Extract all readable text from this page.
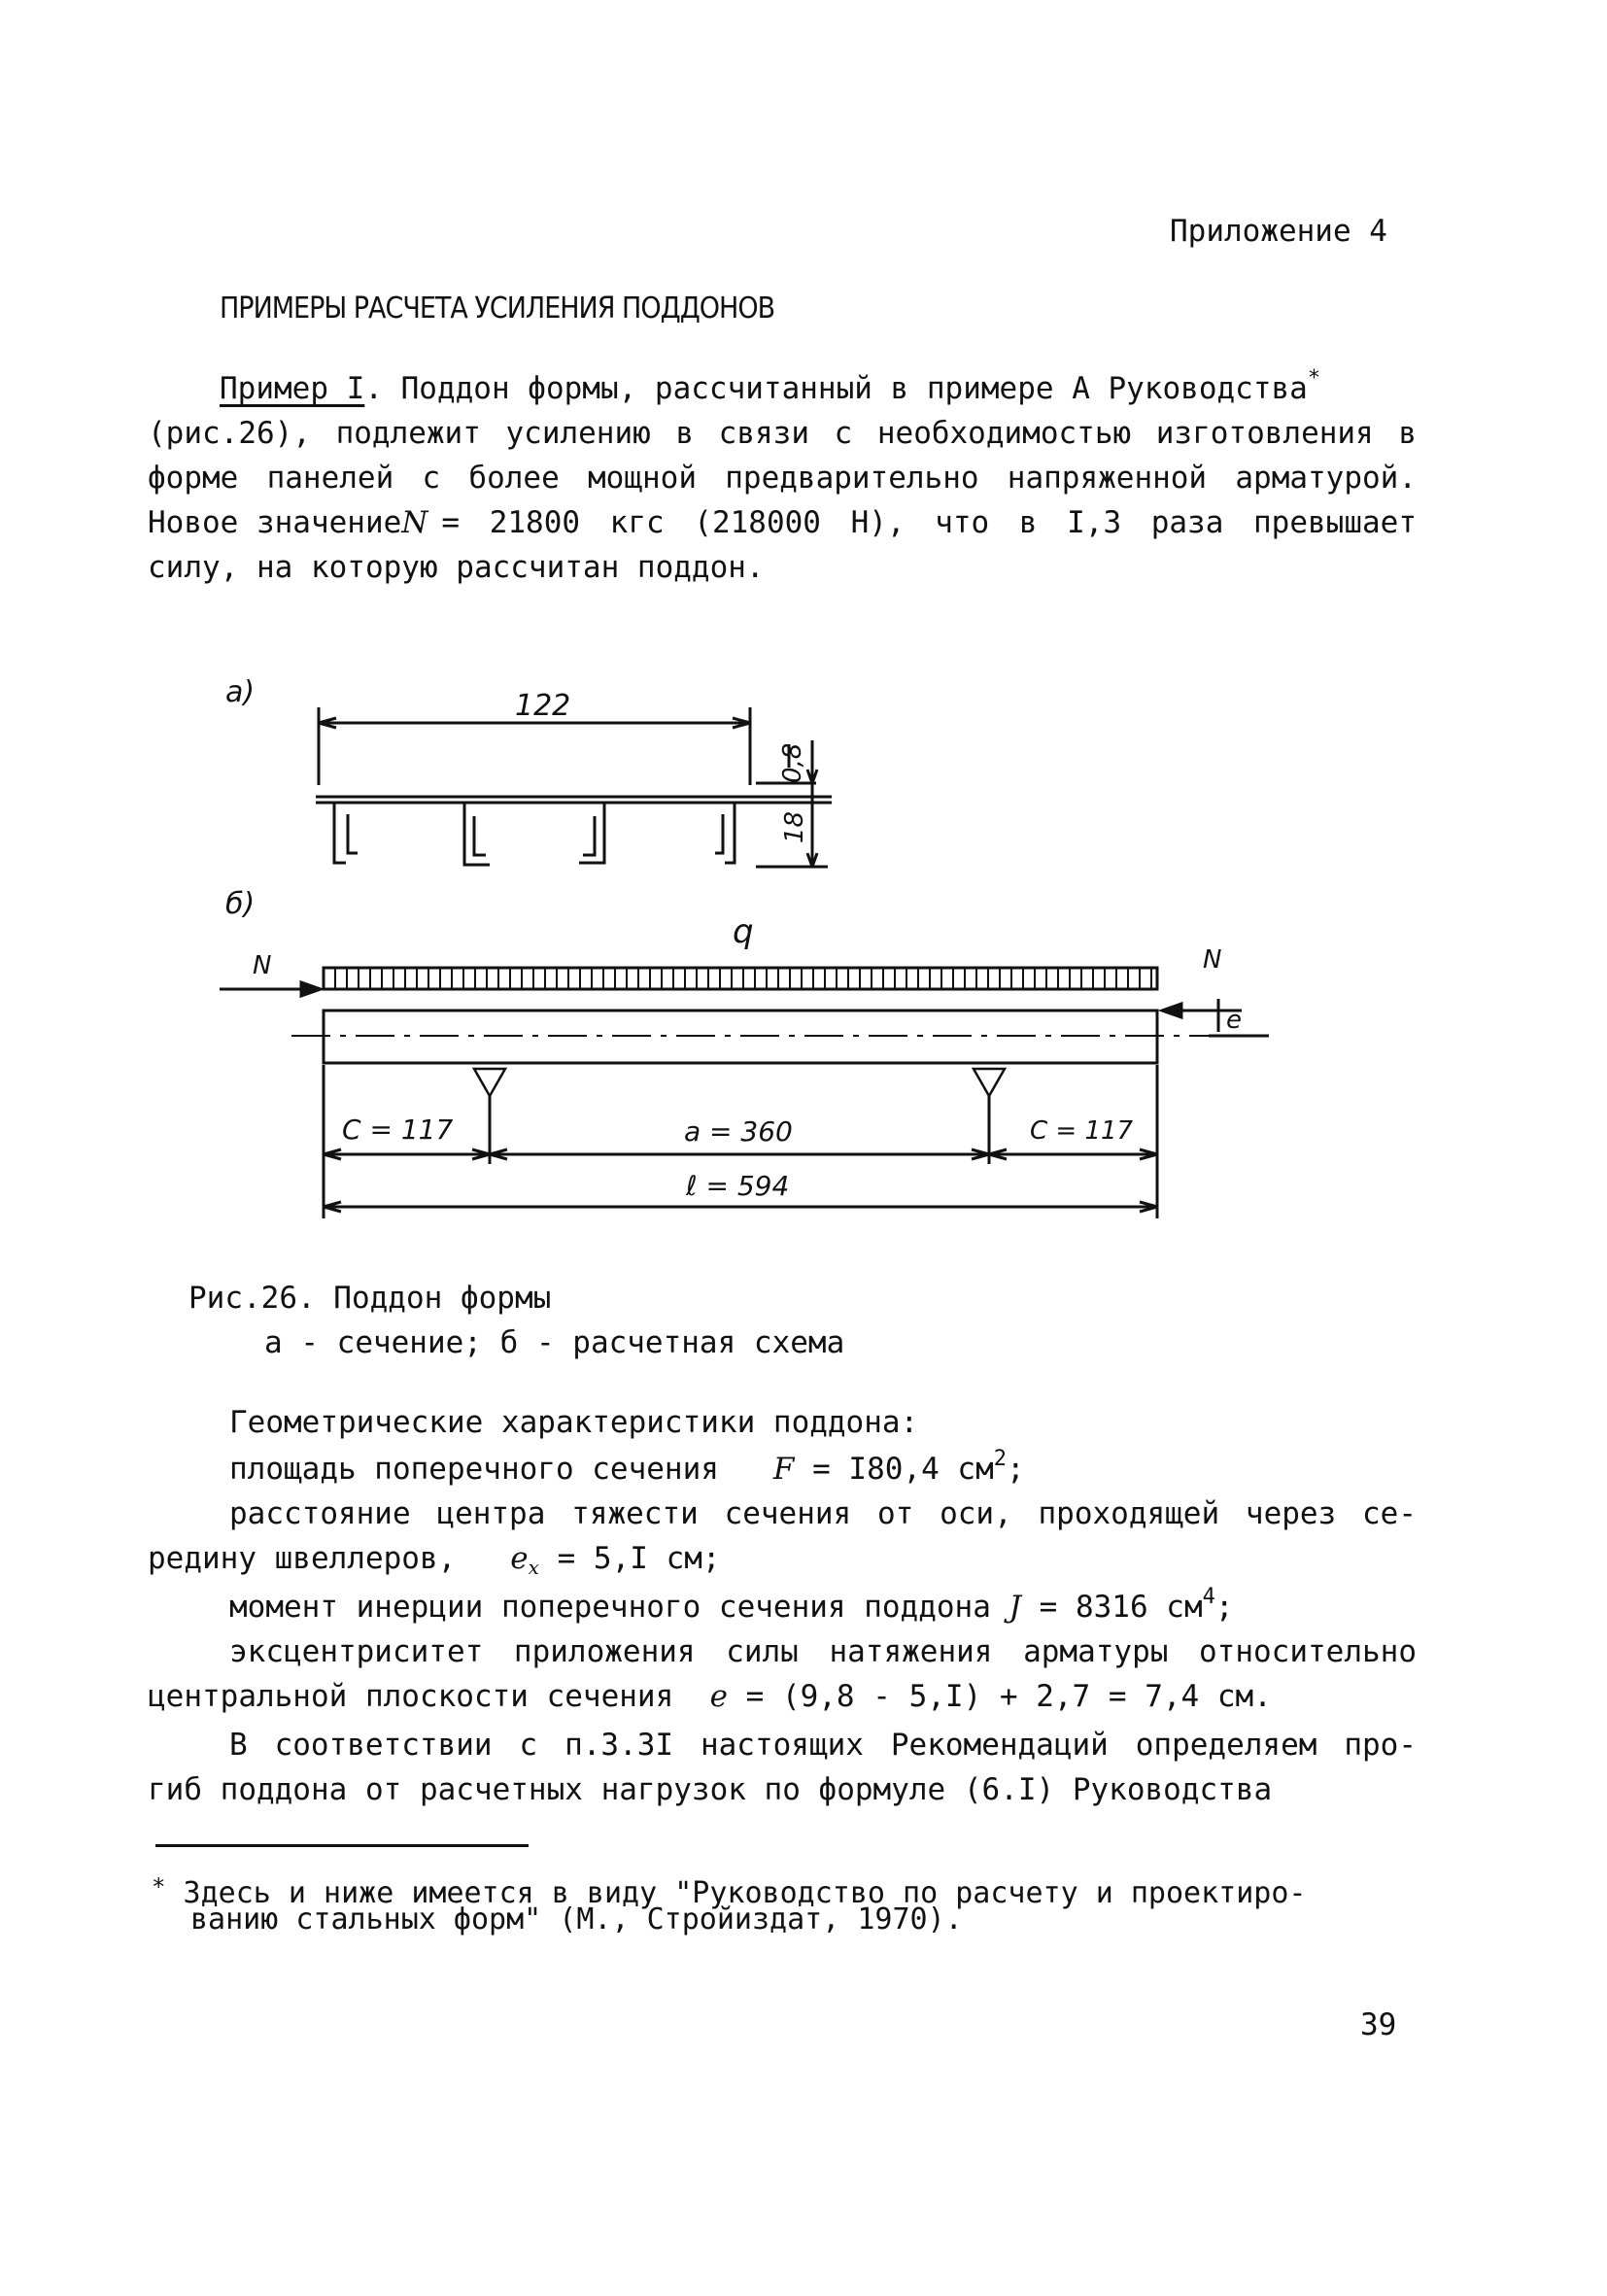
Приложение 4
ПРИМЕРЫ РАСЧЕТА УСИЛЕНИЯ ПОДДОНОВ
Пример I. Поддон формы, рассчитанный в примере А Руководства*
(рис.26), подлежит усилению в связи с необходимостью изготовления в
форме панелей с более мощной предварительно напряженной арматурой.
Новое значение N = 21800 кгс (218000 Н), что в I,3 раза превышает
силу, на которую рассчитан поддон.
а)	122
0,8
18
б)
q
N	N
e
C = 117	a = 360	C = 117
ℓ = 594
Рис.26. Поддон формы
а - сечение; б - расчетная схема
Геометрические характеристики поддона:
площадь поперечного сечения F = I80,4 $см^2$;
расстояние центра тяжести сечения от оси, проходящей через се-
редину швеллеров, $e_x = 5,I$ см;
момент инерции поперечного сечения поддона J = 8316 $см^4$;
эксцентриситет приложения силы натяжения арматуры относительно
центральной плоскости сечения e = (9,8 - 5,I) + 2,7 = 7,4 см.
В соответствии с п.3.3I настоящих Рекомендаций определяем про-
гиб поддона от расчетных нагрузок по формуле (6.I) Руководства
* Здесь и ниже имеется в виду "Руководство по расчету и проектиро-
ванию стальных форм" (М., Стройиздат, 1970).
39
